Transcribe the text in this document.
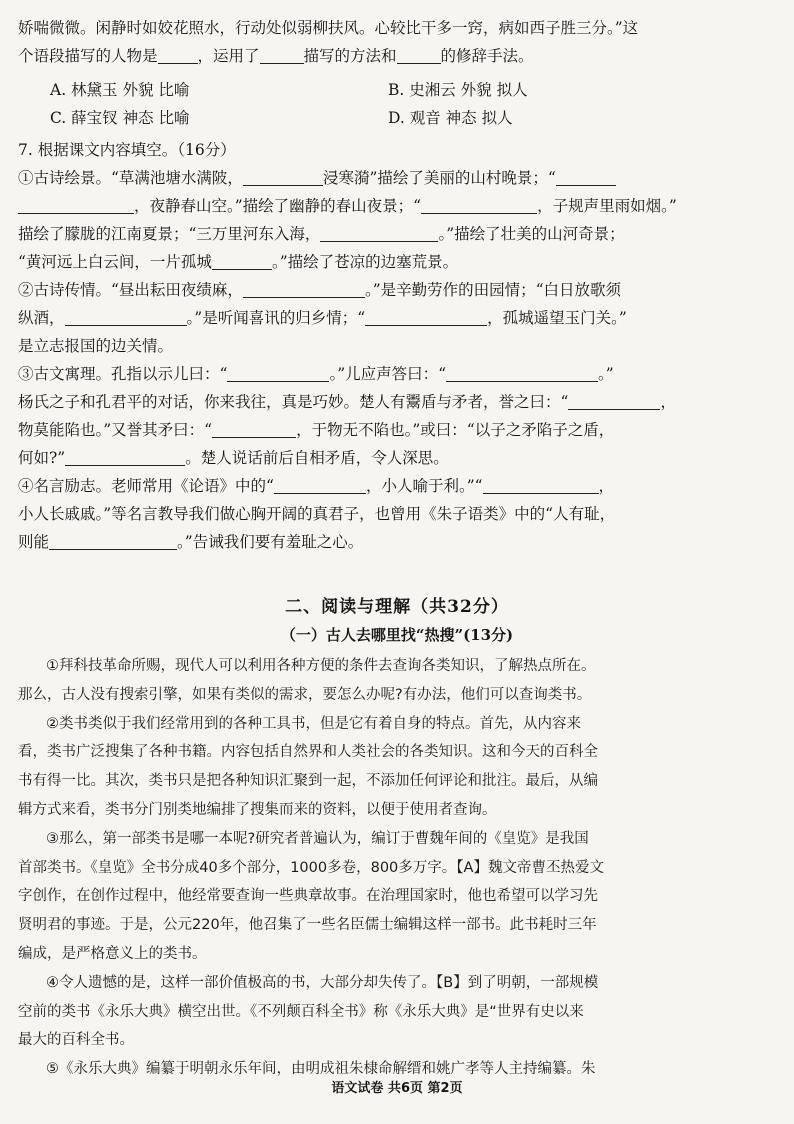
娇喘微微。闲静时如姣花照水，行动处似弱柳扶风。心较比干多一窍，病如西子胜三分。”这
个语段描写的人物是	，运用了	描写的方法和	的修辞手法。
A. 林黛玉 外貌 比喻	B. 史湘云 外貌 拟人
C. 薛宝钗 神态 比喻	D. 观音 神态 拟人
7. 根据课文内容填空。（16分）
①古诗绘景。“草满池塘水满陂，	浸寒漪”描绘了美丽的山村晚景；“
，夜静春山空。”描绘了幽静的春山夜景；“	，子规声里雨如烟。”
描绘了朦胧的江南夏景；“三万里河东入海，	。”描绘了壮美的山河奇景；
“黄河远上白云间，一片孤城	。”描绘了苍凉的边塞荒景。
②古诗传情。“昼出耘田夜绩麻，	。”是辛勤劳作的田园情；“白日放歌须
纵酒，	。”是听闻喜讯的归乡情；“	，孤城遥望玉门关。”
是立志报国的边关情。
③古文寓理。孔指以示儿曰：“	。”儿应声答曰：“	。”
杨氏之子和孔君平的对话，你来我往，真是巧妙。楚人有鬻盾与矛者，誉之曰：“	，
物莫能陷也。”又誉其矛曰：“	，于物无不陷也。”或曰：“以子之矛陷子之盾，
何如?”	。楚人说话前后自相矛盾，令人深思。
④名言励志。老师常用《论语》中的“	，小人喻于利。”“	，
小人长戚戚。”等名言教导我们做心胸开阔的真君子，也曾用《朱子语类》中的“人有耻，
则能	。”告诫我们要有羞耻之心。
二、阅读与理解（共32分）
（一）古人去哪里找“热搜”(13分)
①拜科技革命所赐，现代人可以利用各种方便的条件去查询各类知识，了解热点所在。
那么，古人没有搜索引擎，如果有类似的需求，要怎么办呢?有办法，他们可以查询类书。
②类书类似于我们经常用到的各种工具书，但是它有着自身的特点。首先，从内容来
看，类书广泛搜集了各种书籍。内容包括自然界和人类社会的各类知识。这和今天的百科全
书有得一比。其次，类书只是把各种知识汇聚到一起，不添加任何评论和批注。最后，从编
辑方式来看，类书分门别类地编排了搜集而来的资料，以便于使用者查询。
③那么，第一部类书是哪一本呢?研究者普遍认为，编订于曹魏年间的《皇览》是我国
首部类书。《皇览》全书分成40多个部分，1000多卷，800多万字。【A】魏文帝曹丕热爱文
字创作，在创作过程中，他经常要查询一些典章故事。在治理国家时，他也希望可以学习先
贤明君的事迹。于是，公元220年，他召集了一些名臣儒士编辑这样一部书。此书耗时三年
编成，是严格意义上的类书。
④令人遗憾的是，这样一部价值极高的书，大部分却失传了。【B】到了明朝，一部规模
空前的类书《永乐大典》横空出世。《不列颠百科全书》称《永乐大典》是“世界有史以来
最大的百科全书。
⑤《永乐大典》编纂于明朝永乐年间，由明成祖朱棣命解缙和姚广孝等人主持编纂。朱
语文试卷 共6页 第2页
